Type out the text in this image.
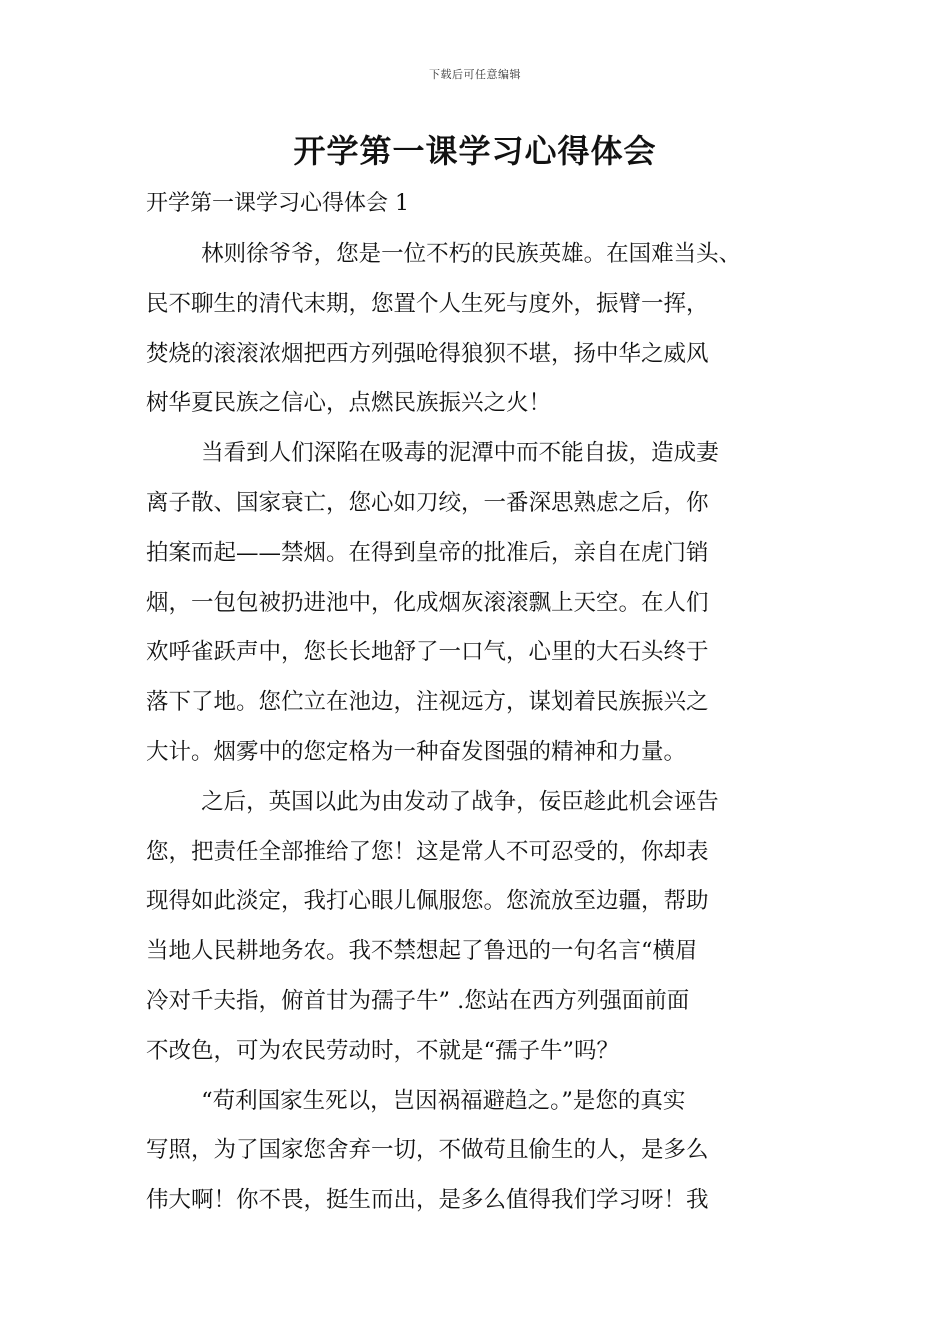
下载后可任意编辑
开学第一课学习心得体会
开学第一课学习心得体会 1
林则徐爷爷，您是一位不朽的民族英雄。在国难当头、
民不聊生的清代末期，您置个人生死与度外，振臂一挥，
焚烧的滚滚浓烟把西方列强呛得狼狈不堪，扬中华之威风
树华夏民族之信心，点燃民族振兴之火！
当看到人们深陷在吸毒的泥潭中而不能自拔，造成妻
离子散、国家衰亡，您心如刀绞，一番深思熟虑之后，你
拍案而起——禁烟。在得到皇帝的批准后，亲自在虎门销
烟，一包包被扔进池中，化成烟灰滚滚飘上天空。在人们
欢呼雀跃声中，您长长地舒了一口气，心里的大石头终于
落下了地。您伫立在池边，注视远方，谋划着民族振兴之
大计。烟雾中的您定格为一种奋发图强的精神和力量。
之后，英国以此为由发动了战争，佞臣趁此机会诬告
您，把责任全部推给了您！这是常人不可忍受的，你却表
现得如此淡定，我打心眼儿佩服您。您流放至边疆，帮助
当地人民耕地务农。我不禁想起了鲁迅的一句名言“横眉
冷对千夫指，俯首甘为孺子牛” .您站在西方列强面前面
不改色，可为农民劳动时，不就是“孺子牛”吗？
“苟利国家生死以，岂因祸福避趋之。”是您的真实
写照，为了国家您舍弃一切，不做苟且偷生的人，是多么
伟大啊！你不畏，挺生而出，是多么值得我们学习呀！我
